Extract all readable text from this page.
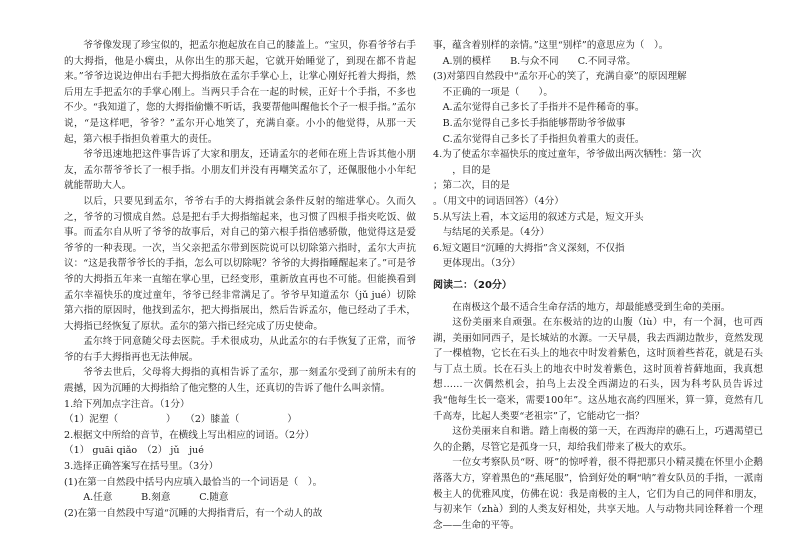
爷爷像发现了珍宝似的，把孟尔抱起放在自己的膝盖上。“宝贝，你看爷爷右手的大拇指，他是小瘸虫，从你出生的那天起，它就开始睡觉了，到现在都不肯起来。”爷爷边说边伸出右手把大拇指放在孟尔手掌心上，让掌心刚好托着大拇指，然后用左手把孟尔的手掌心刚上。当两只手合在一起的时候，正好十个手指，不多也不少。“我知道了，您的大拇指偷懒不听话，我要帮他叫醒他长个子一根手指。”孟尔说，“是这样吧，爷爷？”孟尔开心地笑了，充满自豪。小小的他觉得，从那一天起，第六根手指担负着重大的责任。

爷爷迅速地把这件事告诉了大家和朋友，还请孟尔的老师在班上告诉其他小朋友，孟尔帮爷爷长了一根手指。小朋友们并没有再嘲笑孟尔了，还佩服他小小年纪就能帮助大人。

以后，只要见到孟尔，爷爷右手的大拇指就会条件反射的缩进掌心。久而久之，爷爷的习惯成自然。总是把右手大拇指缩起来，也习惯了四根手指夹吃饭、做事。而孟尔自从听了爷爷的故事后，对自己的第六根手指倍感骄傲，他觉得这是爱爷爷的一种表现。一次，当父亲把孟尔带到医院说可以切除第六指时，孟尔大声抗议：“这是我帮爷爷长的手指，怎么可以切除呢？爷爷的大拇指睡醒起来了。”可是爷爷的大拇指五年来一直缩在掌心里，已经变形，重新放直再也不可能。但能换看到孟尔幸福快乐的度过童年，爷爷已经非常满足了。爷爷早知道孟尔（jǔ jué）切除第六指的原因时，他找到孟尔，把大拇指展出，然后告诉孟尔，他已经动了手术，大拇指已经恢复了原状。孟尔的第六指已经完成了历史使命。

孟尔终于同意随父母去医院。手术很成功，从此孟尔的右手恢复了正常，而爷爷的右手大拇指再也无法伸展。

爷爷去世后，父母将大拇指的真相告诉了孟尔，那一刻孟尔受到了前所未有的震撼，因为沉睡的大拇指给了他完整的人生，还真切的告诉了他什么叫亲情。

1.给下列加点字注音。（1分）

（1）泥塑（　　　　　）　　（2）膝盖（　　　　　）

2.根据文中所给的音节，在横线上写出相应的词语。（2分）

（1） guāi qiǎo　（2） jǔ　jué

3.选择正确答案写在括号里。（3分）

(1)在第一自然段中括号内应填入最恰当的一个词语是（　）。

A.任意　　　B.刻意　　　C.随意

(2)在第一自然段中写道“沉睡的大拇指背后，有一个动人的故

事，蕴含着别样的亲情。”这里“别样”的意思应为（　）。

A.别的模样　　B.与众不同　　C.不同寻常。

(3)对第四自然段中“孟尔开心的笑了，充满自豪”的原因理解

不正确的一项是（　　）。

A.孟尔觉得自己多长了手指并不是件稀奇的事。

B.孟尔觉得自己多长手指能够帮助爷爷做事

C.孟尔觉得自己多长了手指担负着重大的责任。

4.为了使孟尔幸福快乐的度过童年，爷爷做出两次牺牲：第一次

，目的是

；第二次，目的是

。（用文中的词语回答）（4分）

5.从写法上看，本文运用的叙述方式是，短文开头

与结尾的关系是。（4分）

6.短文题目“沉睡的大拇指”含义深刻，不仅指

更体现出。（3分）

阅读二：（20分）

在南极这个最不适合生命存活的地方，却最能感受到生命的美丽。

这份美丽来自顽强。在东极站的边的山腹（lù）中，有一个洞，也可西湖，美丽如同西子，是长城站的水源。一天早晨，我去西湖边散步，竟然发现了一棵植物，它长在石头上的地衣中时发着紫色，这时顶着些苔花，就是石头与丁点土质。长在石头上的地衣中时发着紫色，这时顶着苔藓地面，我真想想……一次偶然机会，拍鸟上去没全西湖边的石头，因为科考队员告诉过我“他每生长一毫米，需要100年”。这丛地衣高约四厘米，算一算，竟然有几千高寿，比起人类要“老祖宗”了，它能动它一指？

这份美丽来自和谐。踏上南极的第一天，在西海岸的礁石上，巧遇渴望已久的企鹅，尽管它是孤身一只，却给我们带来了极大的欢乐。

一位女考察队员“呀、呀”的惊呼着，很不得把那只小精灵揽在怀里小企鹅落落大方，穿着黑色的“燕尾服”，恰到好处的啊“呐”着女队员的手指，一派南极主人的优雅风度，仿佛在说：我是南极的主人，它们为自己的同伴和朋友，与初来乍（zhà）到的人类友好相处，共享天地。人与动物共同诠释着一个理念——生命的平等。
